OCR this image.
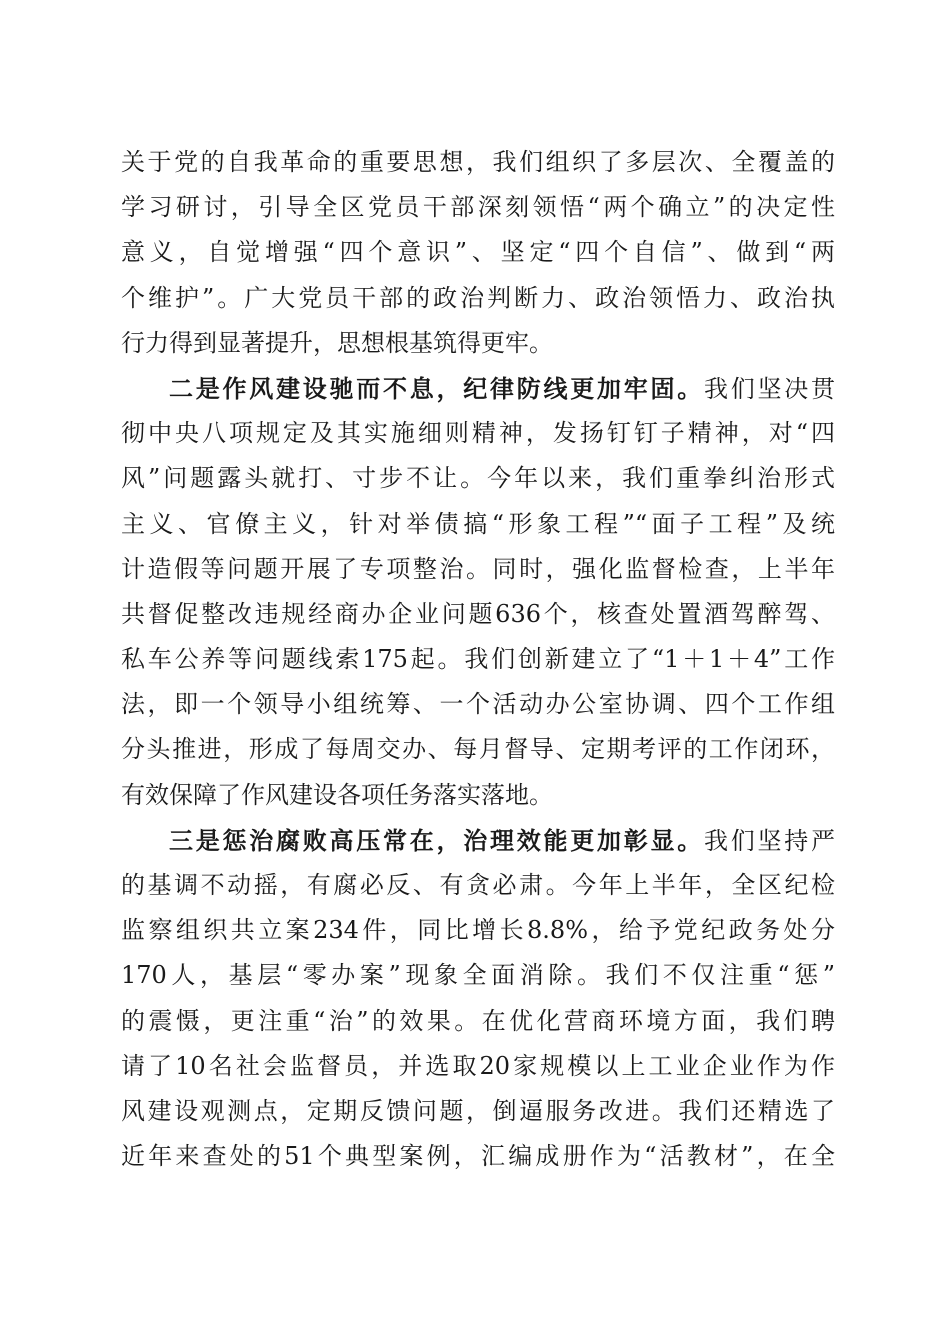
关于党的自我革命的重要思想，我们组织了多层次、全覆盖的
学习研讨，引导全区党员干部深刻领悟“两个确立”的决定性
意义，自觉增强“四个意识”、坚定“四个自信”、做到“两
个维护”。广大党员干部的政治判断力、政治领悟力、政治执
行力得到显著提升，思想根基筑得更牢。
二是作风建设驰而不息，纪律防线更加牢固。我们坚决贯
彻中央八项规定及其实施细则精神，发扬钉钉子精神，对“四
风”问题露头就打、寸步不让。今年以来，我们重拳纠治形式
主义、官僚主义，针对举债搞“形象工程”“面子工程”及统
计造假等问题开展了专项整治。同时，强化监督检查，上半年
共督促整改违规经商办企业问题636个，核查处置酒驾醉驾、
私车公养等问题线索175起。我们创新建立了“1＋1＋4”工作
法，即一个领导小组统筹、一个活动办公室协调、四个工作组
分头推进，形成了每周交办、每月督导、定期考评的工作闭环，
有效保障了作风建设各项任务落实落地。
三是惩治腐败高压常在，治理效能更加彰显。我们坚持严
的基调不动摇，有腐必反、有贪必肃。今年上半年，全区纪检
监察组织共立案234件，同比增长8.8%，给予党纪政务处分
170人，基层“零办案”现象全面消除。我们不仅注重“惩”
的震慑，更注重“治”的效果。在优化营商环境方面，我们聘
请了10名社会监督员，并选取20家规模以上工业企业作为作
风建设观测点，定期反馈问题，倒逼服务改进。我们还精选了
近年来查处的51个典型案例，汇编成册作为“活教材”，在全
